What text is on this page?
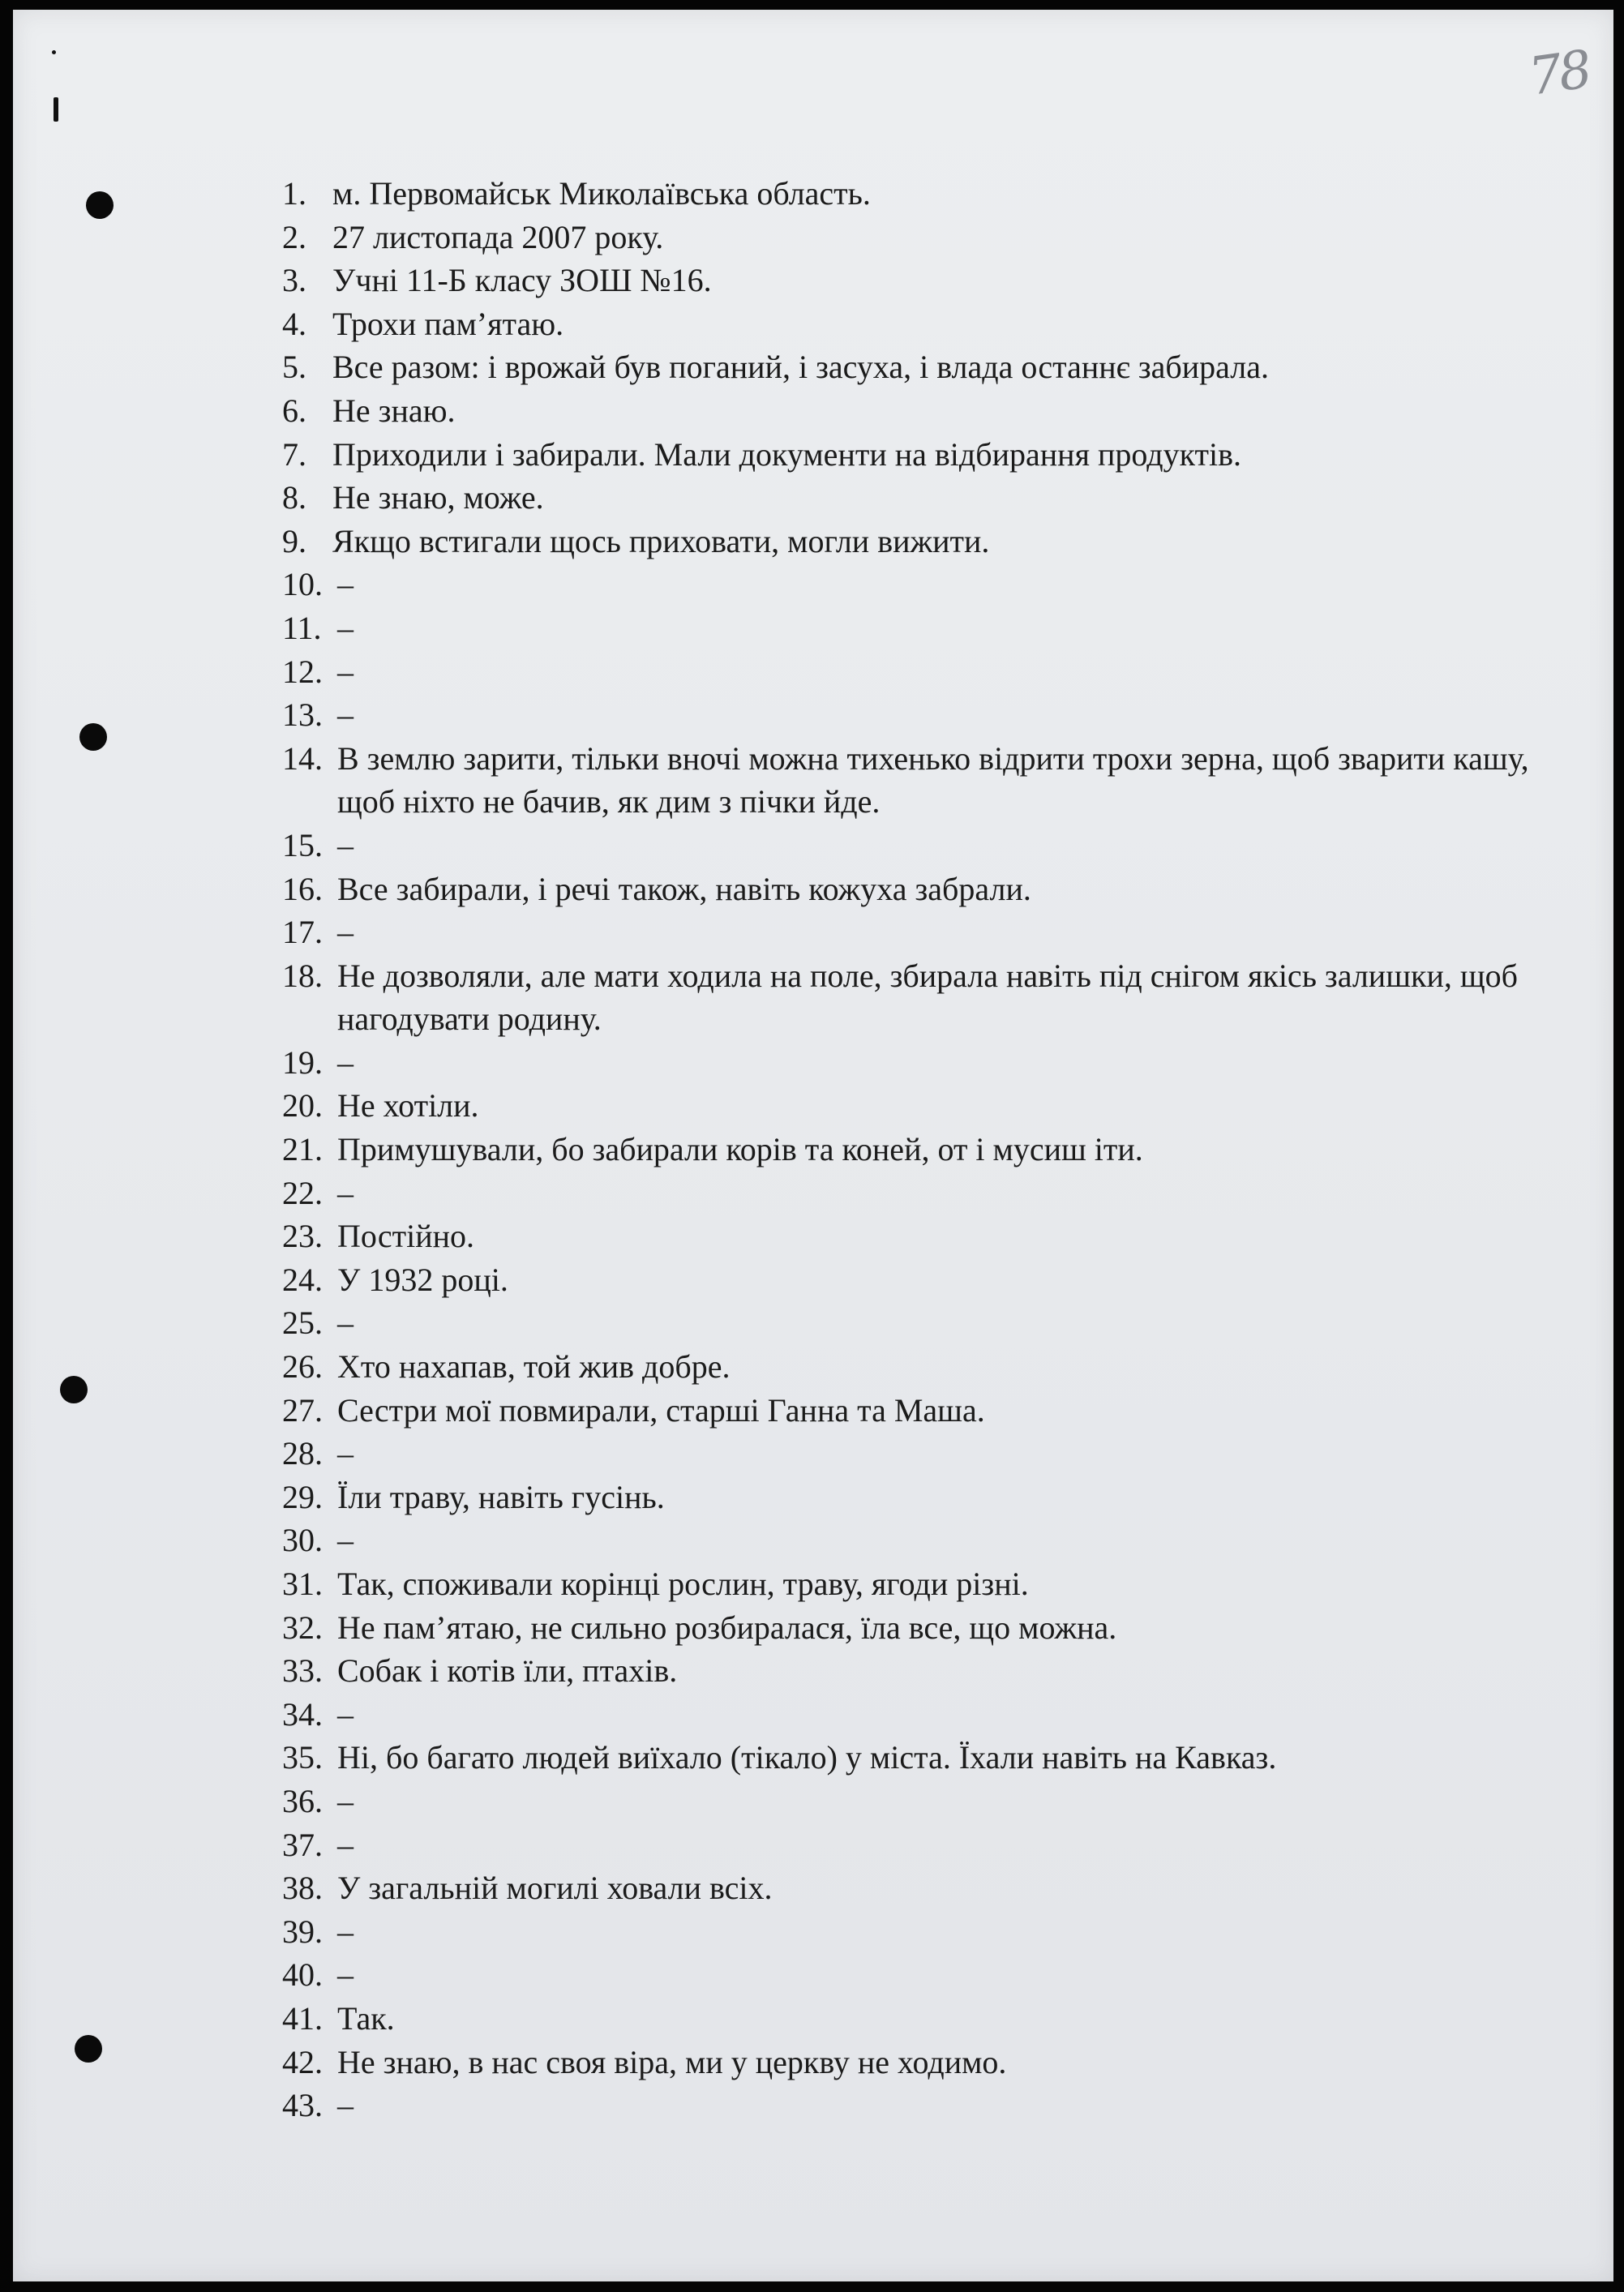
78
1. м. Первомайськ Миколаївська область.
2. 27 листопада 2007 року.
3. Учні 11-Б класу ЗОШ №16.
4. Трохи пам’ятаю.
5. Все разом: і врожай був поганий, і засуха, і влада останнє забирала.
6. Не знаю.
7. Приходили і забирали. Мали документи на відбирання продуктів.
8. Не знаю, може.
9. Якщо встигали щось приховати, могли вижити.
10. –
11. –
12. –
13. –
14. В землю зарити, тільки вночі можна тихенько відрити трохи зерна, щоб зварити кашу, щоб ніхто не бачив, як дим з пічки йде.
15. –
16. Все забирали, і речі також, навіть кожуха забрали.
17. –
18. Не дозволяли, але мати ходила на поле, збирала навіть під снігом якісь залишки, щоб нагодувати родину.
19. –
20. Не хотіли.
21. Примушували, бо забирали корів та коней, от і мусиш іти.
22. –
23. Постійно.
24. У 1932 році.
25. –
26. Хто нахапав, той жив добре.
27. Сестри мої повмирали, старші Ганна та Маша.
28. –
29. Їли траву, навіть гусінь.
30. –
31. Так, споживали корінці рослин, траву, ягоди різні.
32. Не пам’ятаю, не сильно розбиралася, їла все, що можна.
33. Собак і котів їли, птахів.
34. –
35. Ні, бо багато людей виїхало (тікало) у міста. Їхали навіть на Кавказ.
36. –
37. –
38. У загальній могилі ховали всіх.
39. –
40. –
41. Так.
42. Не знаю, в нас своя віра, ми у церкву не ходимо.
43. –
